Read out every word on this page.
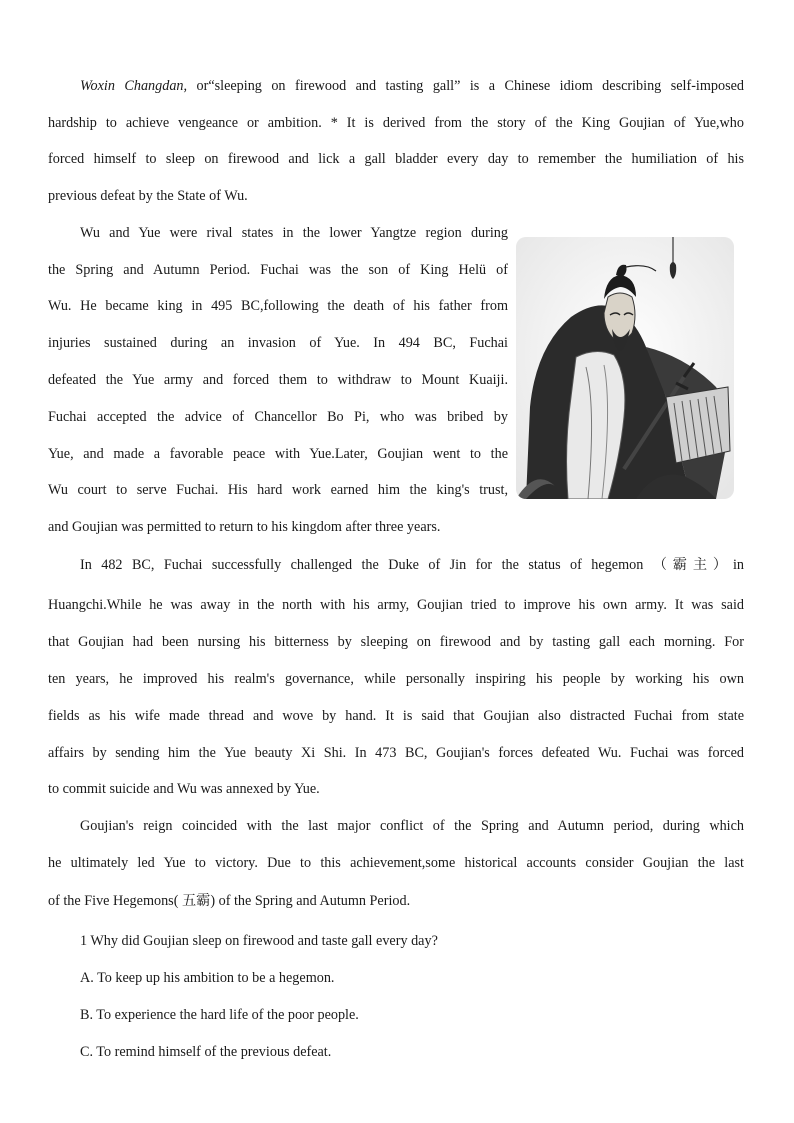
Woxin Changdan, or“sleeping on firewood and tasting gall” is a Chinese idiom describing self-imposed
hardship to achieve vengeance or ambition. * It is derived from the story of the King Goujian of Yue,who
forced himself to sleep on firewood and lick a gall bladder every day to remember the humiliation of his
previous defeat by the State of Wu.
Wu and Yue were rival states in the lower Yangtze region during
the Spring and Autumn Period. Fuchai was the son of King Helü of
Wu. He became king in 495 BC,following the death of his father from
injuries sustained during an invasion of Yue. In 494 BC, Fuchai
defeated the Yue army and forced them to withdraw to Mount Kuaiji.
Fuchai accepted the advice of Chancellor Bo Pi, who was bribed by
Yue, and made a favorable peace with Yue.Later, Goujian went to the
Wu court to serve Fuchai. His hard work earned him the king's trust,
and Goujian was permitted to return to his kingdom after three years.
In 482 BC, Fuchai successfully challenged the Duke of Jin for the status of hegemon （霸主）in
Huangchi.While he was away in the north with his army, Goujian tried to improve his own army. It was said
that Goujian had been nursing his bitterness by sleeping on firewood and by tasting gall each morning. For
ten years, he improved his realm's governance, while personally inspiring his people by working his own
fields as his wife made thread and wove by hand. It is said that Goujian also distracted Fuchai from state
affairs by sending him the Yue beauty Xi Shi. In 473 BC, Goujian's forces defeated Wu. Fuchai was forced
to commit suicide and Wu was annexed by Yue.
Goujian's reign coincided with the last major conflict of the Spring and Autumn period, during which
he ultimately led Yue to victory. Due to this achievement,some historical accounts consider Goujian the last
of the Five Hegemons( 五霸) of the Spring and Autumn Period.
1 Why did Goujian sleep on firewood and taste gall every day?
A. To keep up his ambition to be a hegemon.
B. To experience the hard life of the poor people.
C. To remind himself of the previous defeat.
